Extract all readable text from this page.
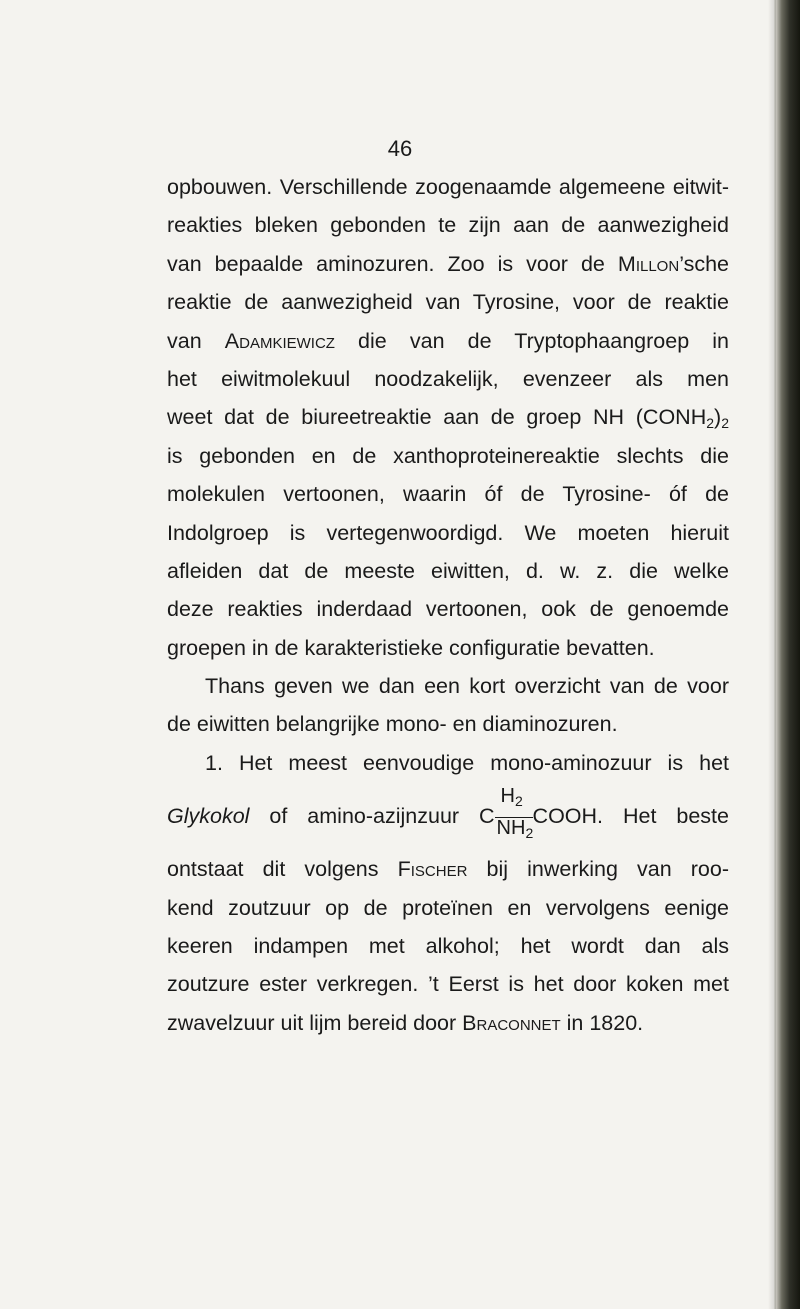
46
opbouwen. Verschillende zoogenaamde algemeene eitwit-
reakties bleken gebonden te zijn aan de aanwezigheid
van bepaalde aminozuren. Zoo is voor de Millon’sche
reaktie de aanwezigheid van Tyrosine, voor de reaktie
van Adamkiewicz die van de Tryptophaangroep in
het eiwitmolekuul noodzakelijk, evenzeer als men
weet dat de biureetreaktie aan de groep NH $(CONH_2)_2$
is gebonden en de xanthoproteinereaktie slechts die
molekulen vertoonen, waarin óf de Tyrosine- óf de
Indolgroep is vertegenwoordigd. We moeten hieruit
afleiden dat de meeste eiwitten, d. w. z. die welke
deze reakties inderdaad vertoonen, ook de genoemde
groepen in de karakteristieke configuratie bevatten.
Thans geven we dan een kort overzicht van de voor
de eiwitten belangrijke mono- en diaminozuren.
1. Het meest eenvoudige mono-aminozuur is het
Glykokol of amino-azijnzuur C $\frac{H_2}{NH_2}$ COOH. Het beste
ontstaat dit volgens Fischer bij inwerking van roo-
kend zoutzuur op de proteïnen en vervolgens eenige
keeren indampen met alkohol; het wordt dan als
zoutzure ester verkregen. ’t Eerst is het door koken met
zwavelzuur uit lijm bereid door Braconnet in 1820.
